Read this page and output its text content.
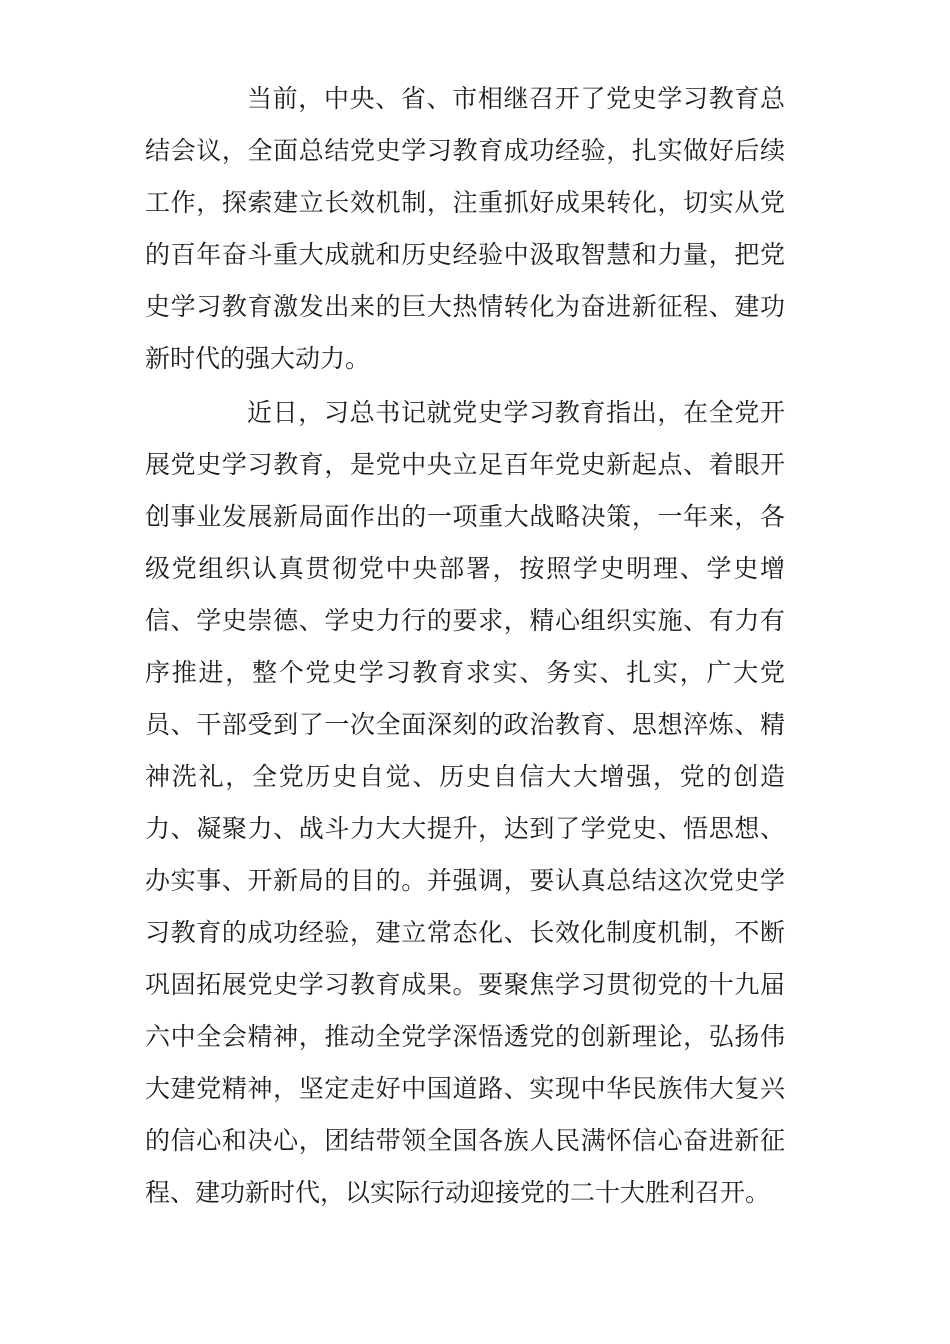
当前，中央、省、市相继召开了党史学习教育总
结会议，全面总结党史学习教育成功经验，扎实做好后续
工作，探索建立长效机制，注重抓好成果转化，切实从党
的百年奋斗重大成就和历史经验中汲取智慧和力量，把党
史学习教育激发出来的巨大热情转化为奋进新征程、建功
新时代的强大动力。
近日，习总书记就党史学习教育指出，在全党开
展党史学习教育，是党中央立足百年党史新起点、着眼开
创事业发展新局面作出的一项重大战略决策，一年来，各
级党组织认真贯彻党中央部署，按照学史明理、学史增
信、学史崇德、学史力行的要求，精心组织实施、有力有
序推进，整个党史学习教育求实、务实、扎实，广大党
员、干部受到了一次全面深刻的政治教育、思想淬炼、精
神洗礼，全党历史自觉、历史自信大大增强，党的创造
力、凝聚力、战斗力大大提升，达到了学党史、悟思想、
办实事、开新局的目的。并强调，要认真总结这次党史学
习教育的成功经验，建立常态化、长效化制度机制，不断
巩固拓展党史学习教育成果。要聚焦学习贯彻党的十九届
六中全会精神，推动全党学深悟透党的创新理论，弘扬伟
大建党精神，坚定走好中国道路、实现中华民族伟大复兴
的信心和决心，团结带领全国各族人民满怀信心奋进新征
程、建功新时代，以实际行动迎接党的二十大胜利召开。
